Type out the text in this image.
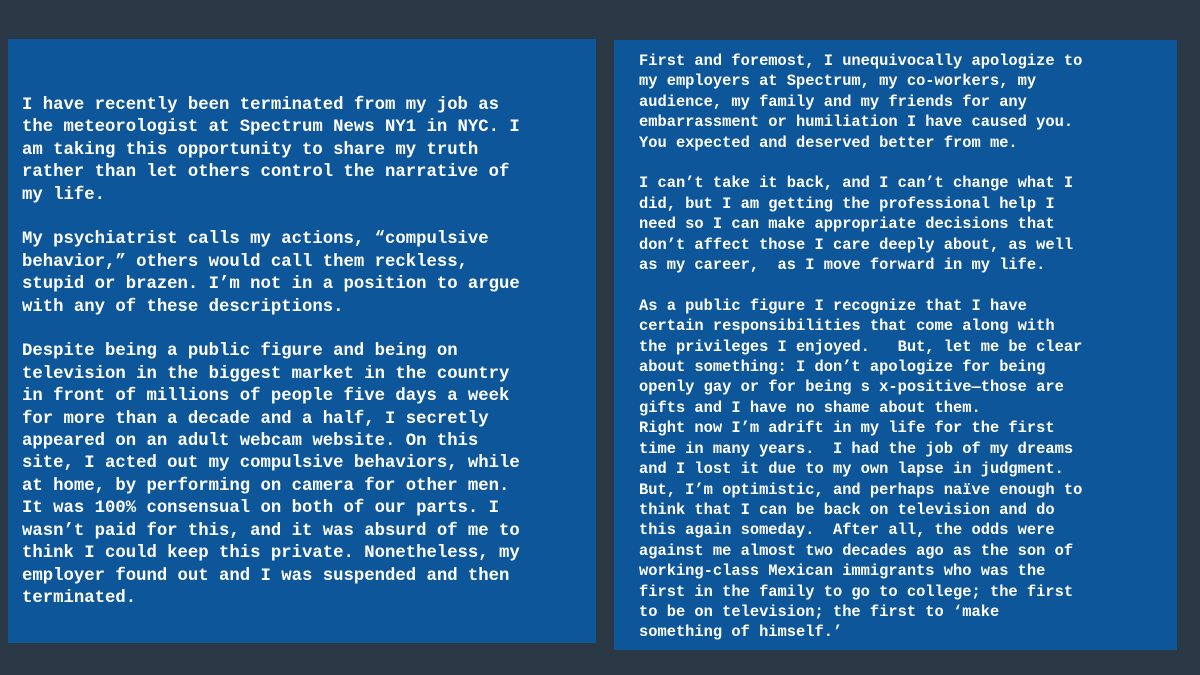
I have recently been terminated from my job as
the meteorologist at Spectrum News NY1 in NYC. I
am taking this opportunity to share my truth
rather than let others control the narrative of
my life.

My psychiatrist calls my actions, “compulsive
behavior,” others would call them reckless,
stupid or brazen. I’m not in a position to argue
with any of these descriptions.

Despite being a public figure and being on
television in the biggest market in the country
in front of millions of people five days a week
for more than a decade and a half, I secretly
appeared on an adult webcam website. On this
site, I acted out my compulsive behaviors, while
at home, by performing on camera for other men.
It was 100% consensual on both of our parts. I
wasn’t paid for this, and it was absurd of me to
think I could keep this private. Nonetheless, my
employer found out and I was suspended and then
terminated.

First and foremost, I unequivocally apologize to
my employers at Spectrum, my co-workers, my
audience, my family and my friends for any
embarrassment or humiliation I have caused you.
You expected and deserved better from me.

I can’t take it back, and I can’t change what I
did, but I am getting the professional help I
need so I can make appropriate decisions that
don’t affect those I care deeply about, as well
as my career,  as I move forward in my life.

As a public figure I recognize that I have
certain responsibilities that come along with
the privileges I enjoyed.   But, let me be clear
about something: I don’t apologize for being
openly gay or for being s x-positive—those are
gifts and I have no shame about them.

Right now I’m adrift in my life for the first
time in many years.  I had the job of my dreams
and I lost it due to my own lapse in judgment.
But, I’m optimistic, and perhaps naïve enough to
think that I can be back on television and do
this again someday.  After all, the odds were
against me almost two decades ago as the son of
working-class Mexican immigrants who was the
first in the family to go to college; the first
to be on television; the first to ‘make
something of himself.’
